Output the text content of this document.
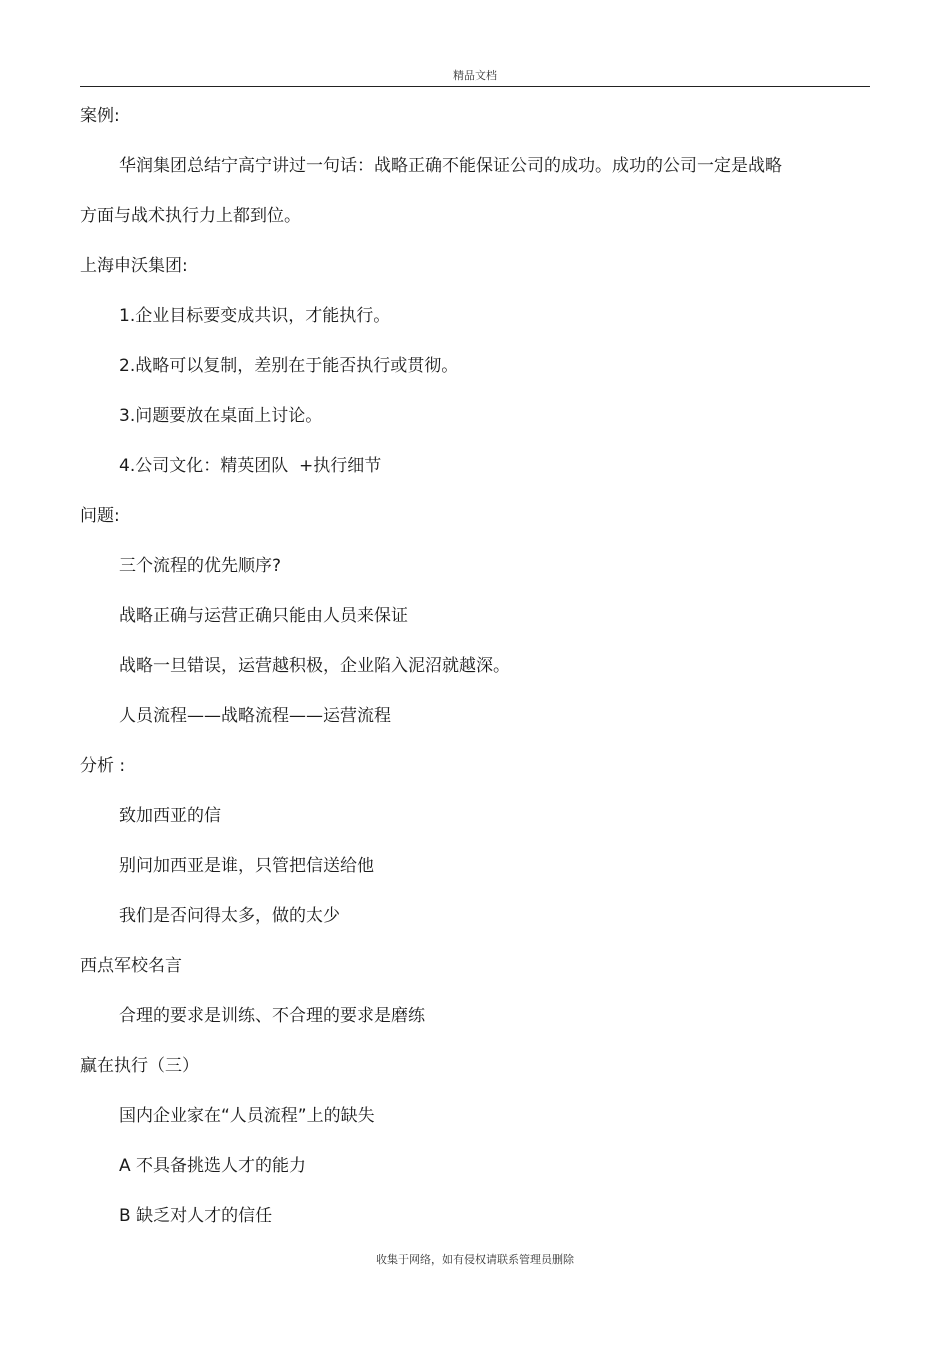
精品文档
案例:
华润集团总结宁高宁讲过一句话：战略正确不能保证公司的成功。成功的公司一定是战略
方面与战术执行力上都到位。
上海申沃集团:
1.企业目标要变成共识，才能执行。
2.战略可以复制，差别在于能否执行或贯彻。
3.问题要放在桌面上讨论。
4.公司文化：精英团队  +执行细节
问题:
三个流程的优先顺序?
战略正确与运营正确只能由人员来保证
战略一旦错误，运营越积极，企业陷入泥沼就越深。
人员流程——战略流程——运营流程
分析 :
致加西亚的信
别问加西亚是谁，只管把信送给他
我们是否问得太多，做的太少
西点军校名言
合理的要求是训练、不合理的要求是磨练
赢在执行（三）
国内企业家在“人员流程”上的缺失
A 不具备挑选人才的能力
B 缺乏对人才的信任
收集于网络，如有侵权请联系管理员删除
